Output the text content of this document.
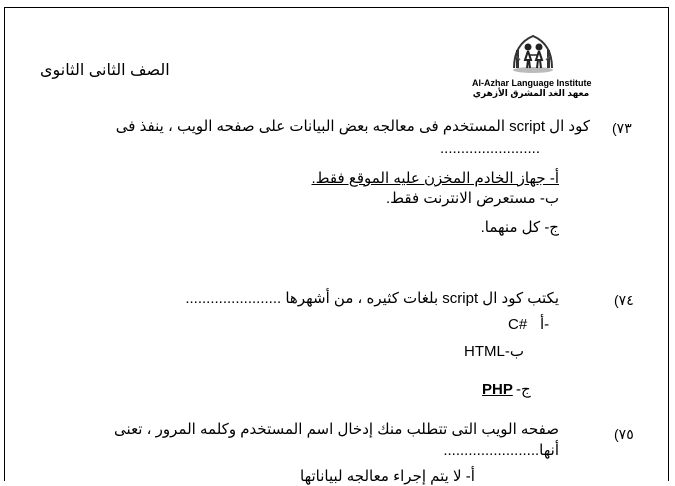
الصف الثانى الثانوى
Al-Azhar Language Institute
معهد الغد المشرق الأزهري
(٧٣
كود ال script المستخدم فى معالجه بعض البيانات على صفحه الويب ، ينفذ فى
........................
أ- جهاز الخادم المخزن عليه الموقع فقط.
ب- مستعرض الانترنت فقط.
ج- كل منهما.
(٧٤
يكتب كود ال script بلغات كثيره ، من أشهرها .......................
أ-
C#
HTML-ب
PHP -ج
(٧٥
صفحه الويب التى تتطلب منك إدخال اسم المستخدم وكلمه المرور ، تعنى
أنها.......................
أ- لا يتم إجراء معالجه لبياناتها
